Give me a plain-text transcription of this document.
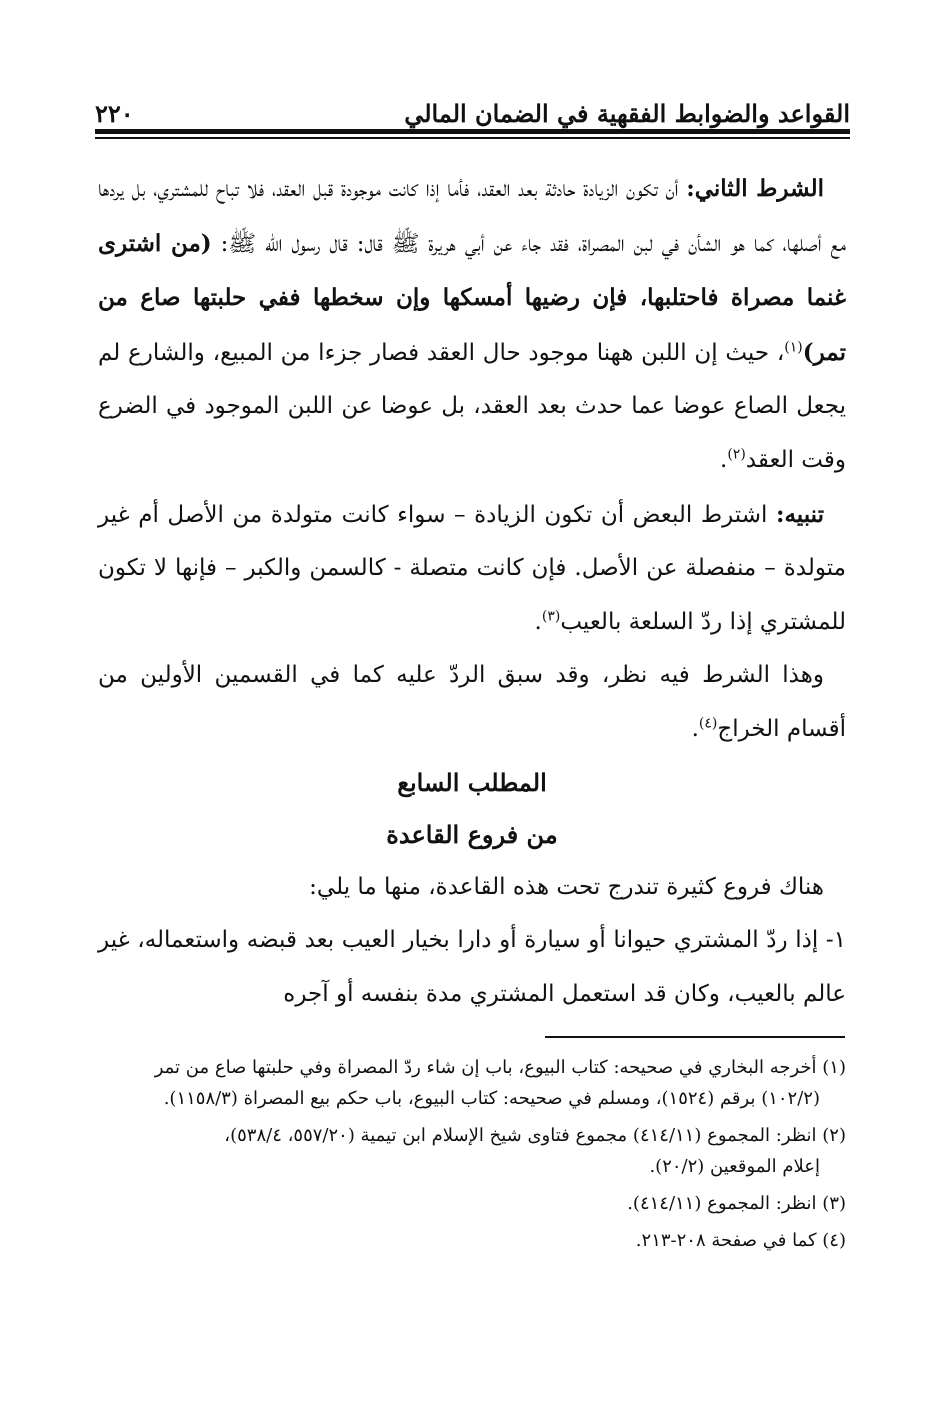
القواعد والضوابط الفقهية في الضمان المالي
٢٢٠

الشرط الثاني: أن تكون الزيادة حادثة بعد العقد، فأما إذا كانت موجودة قبل العقد، فلا تباح للمشتري، بل يردها مع أصلها، كما هو الشأن في لبن المصراة، فقد جاء عن أبي هريرة ﷺ قال: قال رسول الله ﷺ: (من اشترى غنما مصراة فاحتلبها، فإن رضيها أمسكها وإن سخطها ففي حلبتها صاع من تمر)$^{(١)}$، حيث إن اللبن ههنا موجود حال العقد فصار جزءا من المبيع، والشارع لم يجعل الصاع عوضا عما حدث بعد العقد، بل عوضا عن اللبن الموجود في الضرع وقت العقد$^{(٢)}$.

تنبيه: اشترط البعض أن تكون الزيادة – سواء كانت متولدة من الأصل أم غير متولدة – منفصلة عن الأصل. فإن كانت متصلة - كالسمن والكبر – فإنها لا تكون للمشتري إذا ردّ السلعة بالعيب$^{(٣)}$.

وهذا الشرط فيه نظر، وقد سبق الردّ عليه كما في القسمين الأولين من أقسام الخراج$^{(٤)}$.

المطلب السابع

من فروع القاعدة

هناك فروع كثيرة تندرج تحت هذه القاعدة، منها ما يلي:

١- إذا ردّ المشتري حيوانا أو سيارة أو دارا بخيار العيب بعد قبضه واستعماله، غير عالم بالعيب، وكان قد استعمل المشتري مدة بنفسه أو آجره

(١) أخرجه البخاري في صحيحه: كتاب البيوع، باب إن شاء ردّ المصراة وفي حلبتها صاع من تمر
(١٠٢/٢) برقم (١٥٢٤)، ومسلم في صحيحه: كتاب البيوع، باب حكم بيع المصراة (١١٥٨/٣).

(٢) انظر: المجموع (٤١٤/١١) مجموع فتاوى شيخ الإسلام ابن تيمية (٥٥٧/٢٠، ٥٣٨/٤)،
إعلام الموقعين (٢٠/٢).

(٣) انظر: المجموع (٤١٤/١١).

(٤) كما في صفحة ٢٠٨-٢١٣.
